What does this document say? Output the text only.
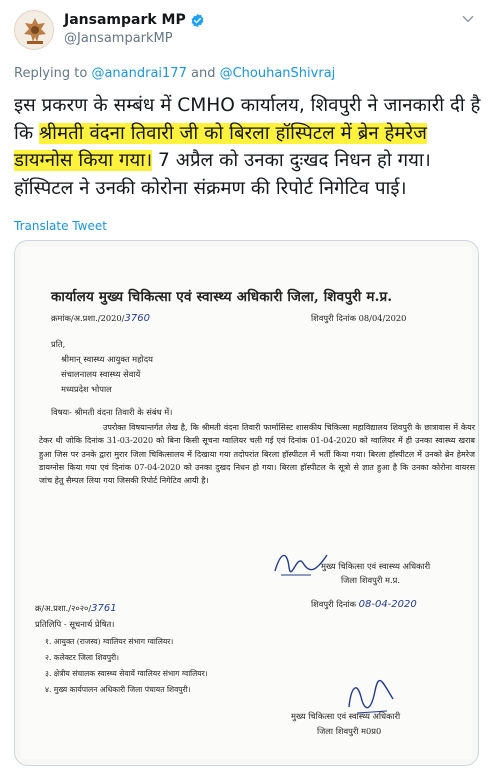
Jansampark MP
@JansamparkMP
Replying to @anandrai177 and @ChouhanShivraj
इस प्रकरण के सम्बंध में CMHO कार्यालय, शिवपुरी ने जानकारी दी है कि श्रीमती वंदना तिवारी जी को बिरला हॉस्पिटल में ब्रेन हेमरेज डायग्नोस किया गया। 7 अप्रैल को उनका दुःखद निधन हो गया। हॉस्पिटल ने उनकी कोरोना संक्रमण की रिपोर्ट निगेटिव पाई।
Translate Tweet
कार्यालय मुख्य चिकित्सा एवं स्वास्थ्य अधिकारी जिला, शिवपुरी म.प्र.
क्रमांक/अ.प्रशा./2020/3760	शिवपुरी दिनांक 08/04/2020
प्रति,
श्रीमान् स्वास्थ्य आयुक्त महोदय
संचालनालय स्वास्थ्य सेवायें
मध्यप्रदेश भोपाल
विषयः- श्रीमती वंदना तिवारी के संबंध में।
उपरोक्त विषयान्तर्गत लेख है, कि श्रीमती वंदना तिवारी फार्मासिस्ट शासकीय चिकित्सा महाविद्यालय शिवपुरी के छात्रावास में केयर टेकर थी जोकि दिनांक 31-03-2020 को बिना किसी सूचना ग्वालियर चली गई एवं दिनांक 01-04-2020 को ग्वालियर में ही उनका स्वास्थ्य खराब हुआ जिस पर उनके द्वारा मुरार जिला चिकित्सालय में दिखाया गया तदोपरांत बिरला हॉस्पीटल में भर्ती किया गया। बिरला हॉस्पीटल में उनको ब्रेन हेमरेज डायग्नोस किया गया एवं दिनांक 07-04-2020 को उनका दुखद निधन हो गया। बिरला हॉस्पीटल के सूत्रो से ज्ञात हुआ है कि उनका कोरोना वायरस जांच हेतु सैम्पल लिया गया जिसकी रिपोर्ट निगेटिव आयी है।
मुख्य चिकित्सा एवं स्वास्थ्य अधिकारी
जिला शिवपुरी म.प्र.
क्र/अ.प्रशा./२०२०/3761	शिवपुरी दिनांक 08-04-2020
प्रतिलिपि - सूचनार्थ प्रेषित।
१. आयुक्त (राजस्व) ग्वालियर संभाग ग्वालियर।
२. कलेक्टर जिला शिवपुरी।
३. क्षेत्रीय संचालक स्वास्थ्य सेवायें ग्वालियर संभाग ग्वालियर।
४. मुख्य कार्यपालन अधिकारी जिला पंचायत शिवपुरी।
मुख्य चिकित्सा एवं स्वास्थ्य अधिकारी
जिला शिवपुरी म0प्र0
